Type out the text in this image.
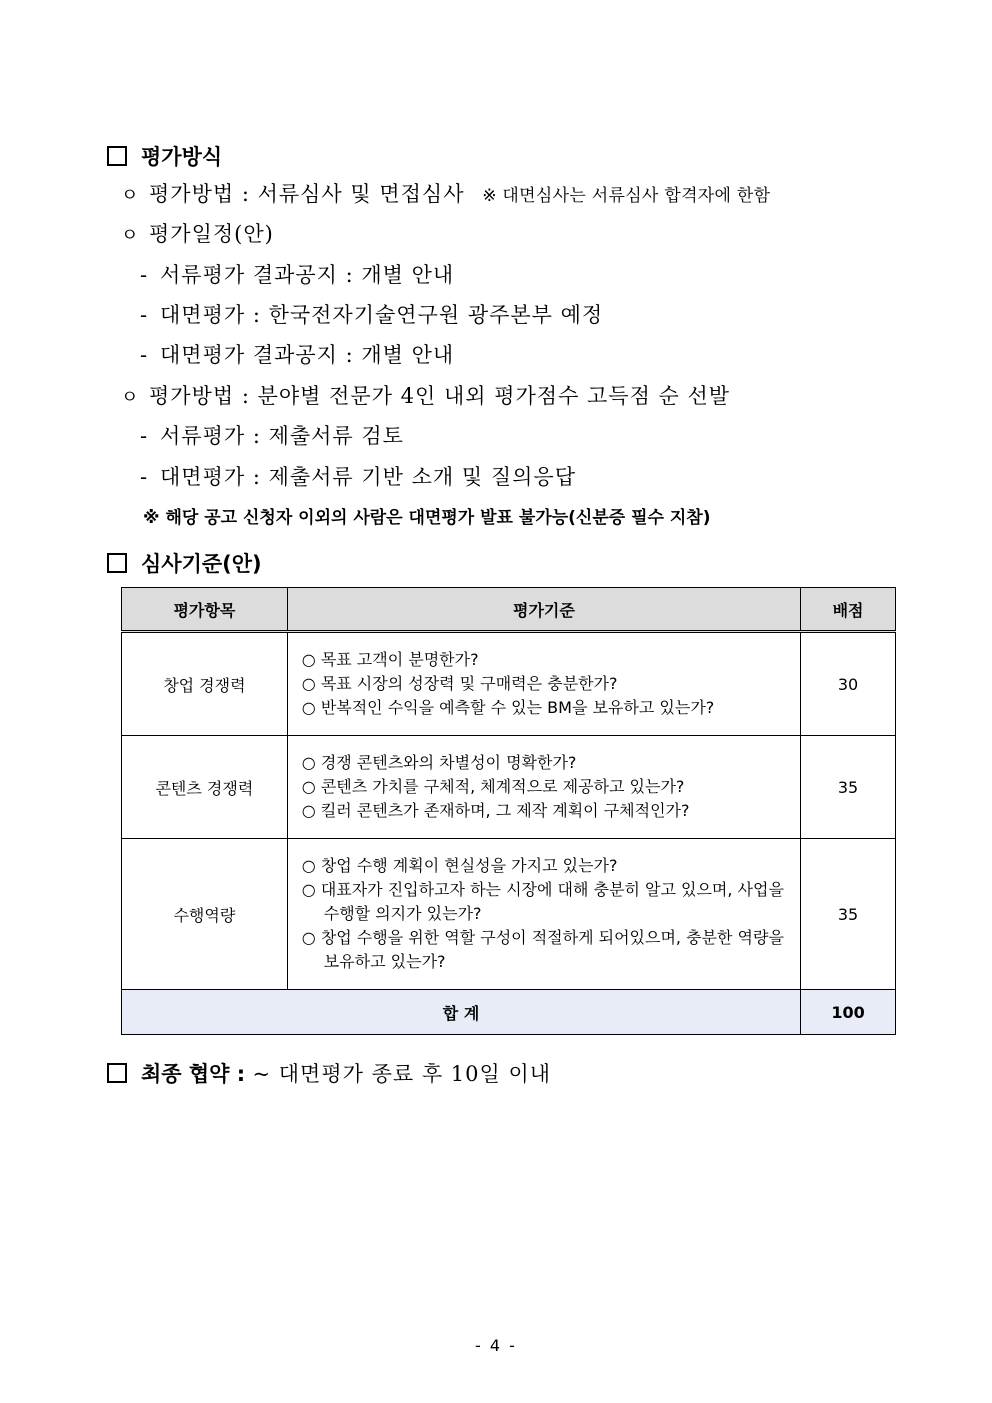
평가방식
ㅇ 평가방법 : 서류심사 및 면접심사 ※ 대면심사는 서류심사 합격자에 한함
ㅇ 평가일정(안)
- 서류평가 결과공지 : 개별 안내
- 대면평가 : 한국전자기술연구원 광주본부 예정
- 대면평가 결과공지 : 개별 안내
ㅇ 평가방법 : 분야별 전문가 4인 내외 평가점수 고득점 순 선발
- 서류평가 : 제출서류 검토
- 대면평가 : 제출서류 기반 소개 및 질의응답
※ 해당 공고 신청자 이외의 사람은 대면평가 발표 불가능(신분증 필수 지참)
심사기준(안)
평가항목	평가기준	배점
창업 경쟁력	○ 목표 고객이 분명한가?
○ 목표 시장의 성장력 및 구매력은 충분한가?
○ 반복적인 수익을 예측할 수 있는 BM을 보유하고 있는가?	30
콘텐츠 경쟁력	○ 경쟁 콘텐츠와의 차별성이 명확한가?
○ 콘텐츠 가치를 구체적, 체계적으로 제공하고 있는가?
○ 킬러 콘텐츠가 존재하며, 그 제작 계획이 구체적인가?	35
수행역량	○ 창업 수행 계획이 현실성을 가지고 있는가?
○ 대표자가 진입하고자 하는 시장에 대해 충분히 알고 있으며, 사업을 수행할 의지가 있는가?
○ 창업 수행을 위한 역할 구성이 적절하게 되어있으며, 충분한 역량을 보유하고 있는가?	35
합 계		100
최종 협약 : ~ 대면평가 종료 후 10일 이내
- 4 -
